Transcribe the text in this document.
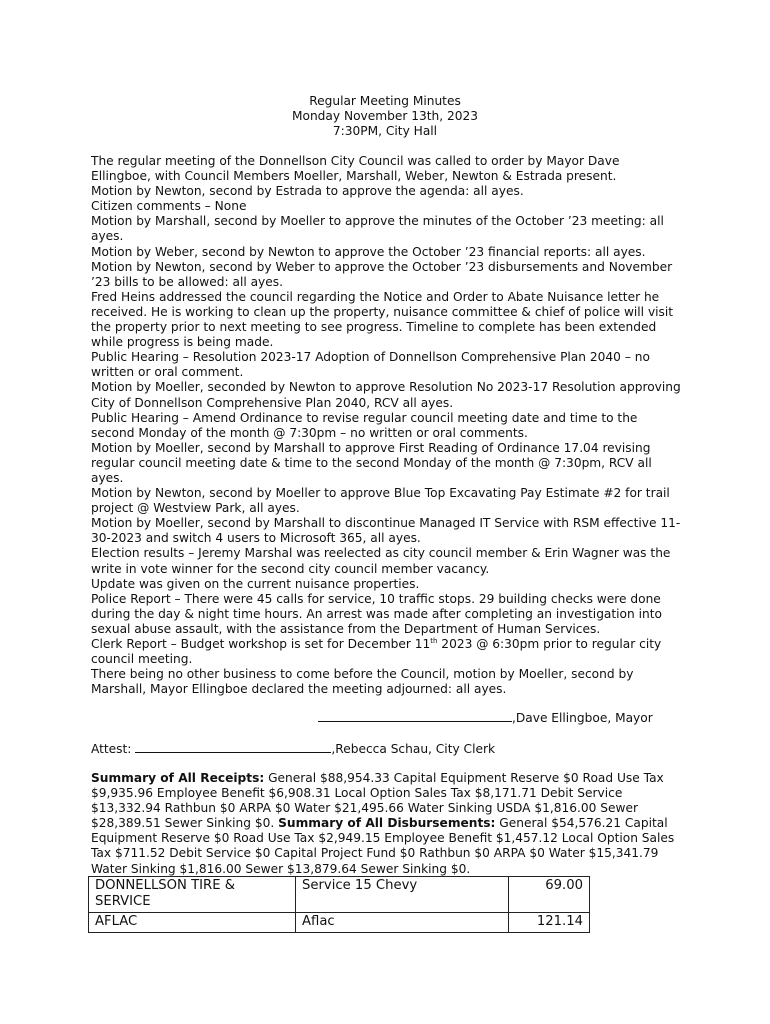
Regular Meeting Minutes
Monday November 13th, 2023
7:30PM, City Hall

The regular meeting of the Donnellson City Council was called to order by Mayor Dave Ellingboe, with Council Members Moeller, Marshall, Weber, Newton & Estrada present.

Motion by Newton, second by Estrada to approve the agenda: all ayes.

Citizen comments – None

Motion by Marshall, second by Moeller to approve the minutes of the October ’23 meeting: all ayes.

Motion by Weber, second by Newton to approve the October ’23 financial reports: all ayes.

Motion by Newton, second by Weber to approve the October ’23 disbursements and November ’23 bills to be allowed: all ayes.

Fred Heins addressed the council regarding the Notice and Order to Abate Nuisance letter he received. He is working to clean up the property, nuisance committee & chief of police will visit the property prior to next meeting to see progress. Timeline to complete has been extended while progress is being made.

Public Hearing – Resolution 2023-17 Adoption of Donnellson Comprehensive Plan 2040 – no written or oral comment.

Motion by Moeller, seconded by Newton to approve Resolution No 2023-17 Resolution approving City of Donnellson Comprehensive Plan 2040, RCV all ayes.

Public Hearing – Amend Ordinance to revise regular council meeting date and time to the second Monday of the month @ 7:30pm – no written or oral comments.

Motion by Moeller, second by Marshall to approve First Reading of Ordinance 17.04 revising regular council meeting date & time to the second Monday of the month @ 7:30pm, RCV all ayes.

Motion by Newton, second by Moeller to approve Blue Top Excavating Pay Estimate #2 for trail project @ Westview Park, all ayes.

Motion by Moeller, second by Marshall to discontinue Managed IT Service with RSM effective 11-30-2023 and switch 4 users to Microsoft 365, all ayes.

Election results – Jeremy Marshal was reelected as city council member & Erin Wagner was the write in vote winner for the second city council member vacancy.

Update was given on the current nuisance properties.

Police Report – There were 45 calls for service, 10 traffic stops. 29 building checks were done during the day & night time hours. An arrest was made after completing an investigation into sexual abuse assault, with the assistance from the Department of Human Services.

Clerk Report – Budget workshop is set for December 11th 2023 @ 6:30pm prior to regular city council meeting.

There being no other business to come before the Council, motion by Moeller, second by Marshall, Mayor Ellingboe declared the meeting adjourned: all ayes.

,Dave Ellingboe, Mayor
Attest:	,Rebecca Schau, City Clerk
Summary of All Receipts: General $88,954.33 Capital Equipment Reserve $0 Road Use Tax $9,935.96 Employee Benefit $6,908.31 Local Option Sales Tax $8,171.71 Debit Service $13,332.94 Rathbun $0 ARPA $0 Water $21,495.66 Water Sinking USDA $1,816.00 Sewer $28,389.51 Sewer Sinking $0. Summary of All Disbursements: General $54,576.21 Capital Equipment Reserve $0 Road Use Tax $2,949.15 Employee Benefit $1,457.12 Local Option Sales Tax $711.52 Debit Service $0 Capital Project Fund $0 Rathbun $0 ARPA $0 Water $15,341.79 Water Sinking $1,816.00 Sewer $13,879.64 Sewer Sinking $0.
DONNELLSON TIRE & SERVICE	Service 15 Chevy	69.00
AFLAC	Aflac	121.14
